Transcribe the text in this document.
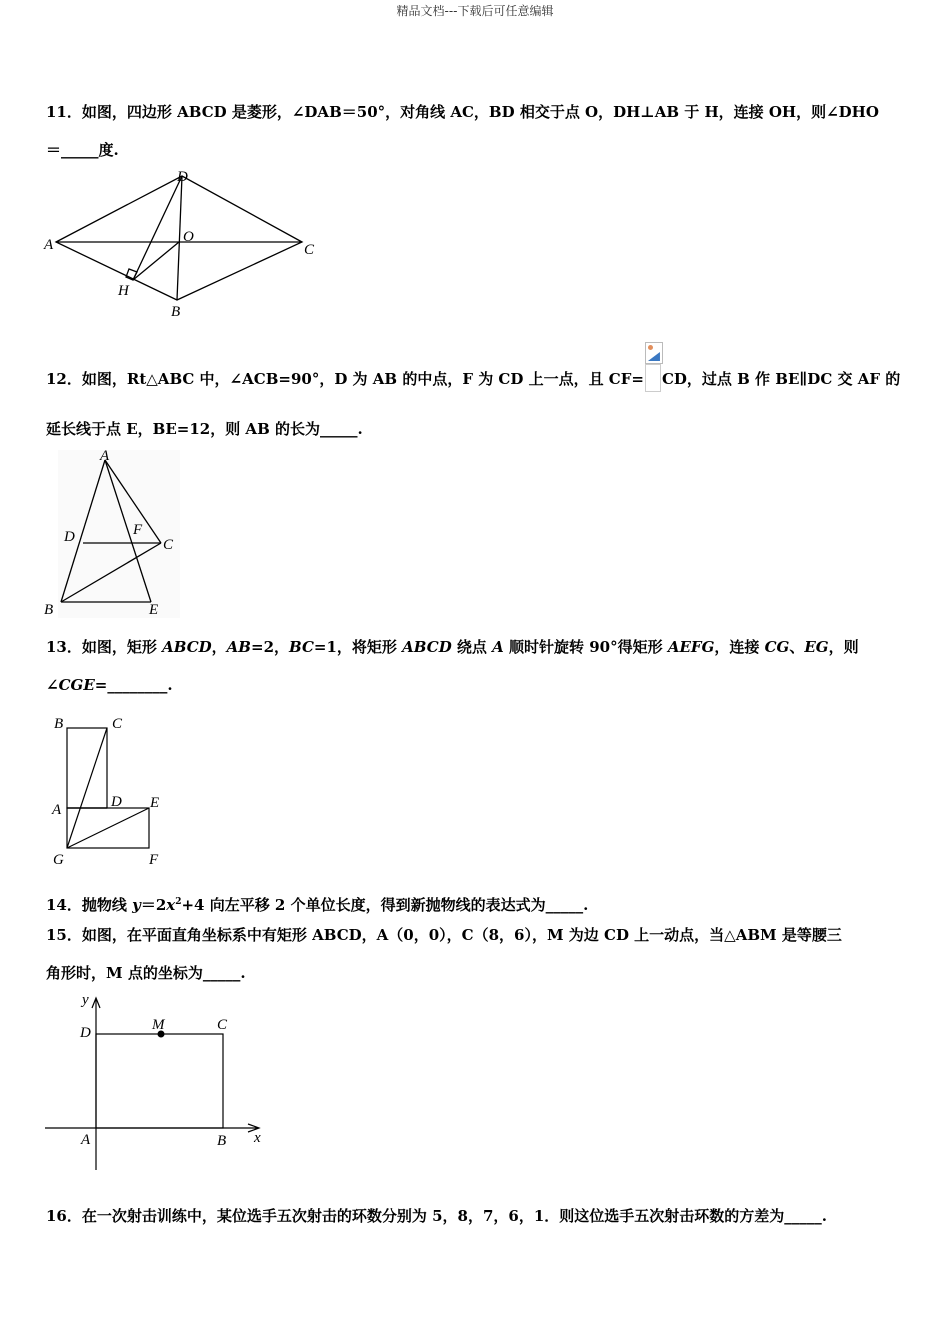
精品文档---下载后可任意编辑
11．如图，四边形 ABCD 是菱形，∠DAB＝50°，对角线 AC，BD 相交于点 O，DH⊥AB 于 H，连接 OH，则∠DHO
＝_____度.
D
A	O
C
H
B
12．如图，Rt△ABC 中，∠ACB=90°，D 为 AB 的中点，F 为 CD 上一点，且 CF= CD，过点 B 作 BE∥DC 交 AF 的
延长线于点 E，BE=12，则 AB 的长为_____.
A
D	F
C
B	E
13．如图，矩形 ABCD，AB=2，BC=1，将矩形 ABCD 绕点 A 顺时针旋转 90°得矩形 AEFG，连接 CG、EG，则
∠CGE=________.
B	C
A	D E
G	F
14．抛物线 $y=2x^2+4$ 向左平移 2 个单位长度，得到新抛物线的表达式为_____.
15．如图，在平面直角坐标系中有矩形 ABCD，A（0，0），C（8，6），M 为边 CD 上一动点，当△ABM 是等腰三
角形时，M 点的坐标为_____.
y
D	M	C
A	B x
16．在一次射击训练中，某位选手五次射击的环数分别为 5，8，7，6，1．则这位选手五次射击环数的方差为_____.
